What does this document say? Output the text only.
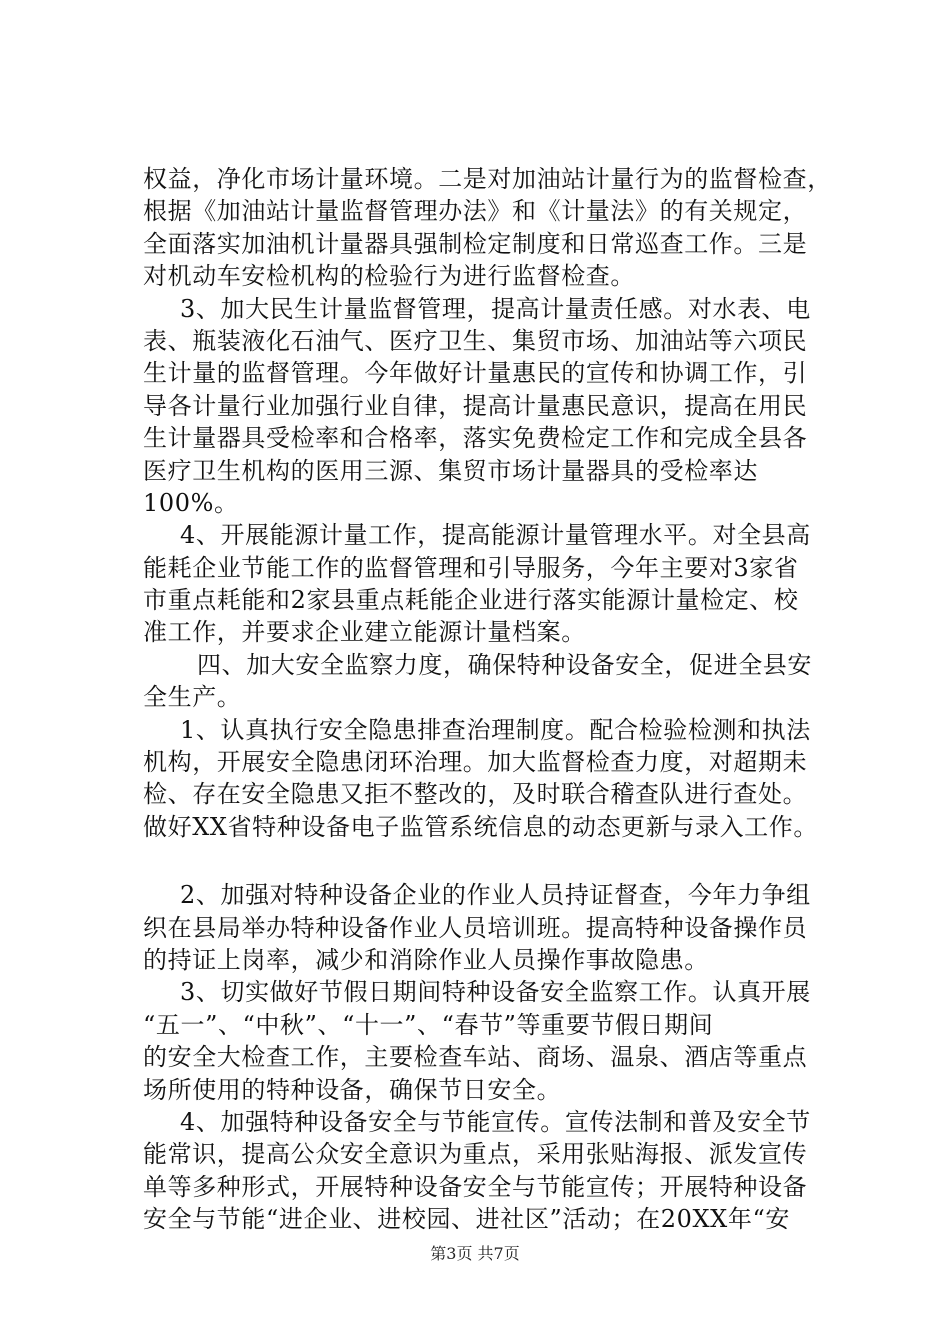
权益，净化市场计量环境。二是对加油站计量行为的监督检查，
根据《加油站计量监督管理办法》和《计量法》的有关规定，
全面落实加油机计量器具强制检定制度和日常巡查工作。三是
对机动车安检机构的检验行为进行监督检查。
3、加大民生计量监督管理，提高计量责任感。对水表、电
表、瓶装液化石油气、医疗卫生、集贸市场、加油站等六项民
生计量的监督管理。今年做好计量惠民的宣传和协调工作，引
导各计量行业加强行业自律，提高计量惠民意识，提高在用民
生计量器具受检率和合格率，落实免费检定工作和完成全县各
医疗卫生机构的医用三源、集贸市场计量器具的受检率达
100%。
4、开展能源计量工作，提高能源计量管理水平。对全县高
能耗企业节能工作的监督管理和引导服务，今年主要对3家省
市重点耗能和2家县重点耗能企业进行落实能源计量检定、校
准工作，并要求企业建立能源计量档案。
四、加大安全监察力度，确保特种设备安全，促进全县安
全生产。
1、认真执行安全隐患排查治理制度。配合检验检测和执法
机构，开展安全隐患闭环治理。加大监督检查力度，对超期未
检、存在安全隐患又拒不整改的，及时联合稽查队进行查处。
做好XX省特种设备电子监管系统信息的动态更新与录入工作。
2、加强对特种设备企业的作业人员持证督查，今年力争组
织在县局举办特种设备作业人员培训班。提高特种设备操作员
的持证上岗率，减少和消除作业人员操作事故隐患。
3、切实做好节假日期间特种设备安全监察工作。认真开展
“五一”、“中秋”、“十一”、“春节”等重要节假日期间
的安全大检查工作，主要检查车站、商场、温泉、酒店等重点
场所使用的特种设备，确保节日安全。
4、加强特种设备安全与节能宣传。宣传法制和普及安全节
能常识，提高公众安全意识为重点，采用张贴海报、派发宣传
单等多种形式，开展特种设备安全与节能宣传；开展特种设备
安全与节能“进企业、进校园、进社区”活动；在20XX年“安
第3页 共7页
